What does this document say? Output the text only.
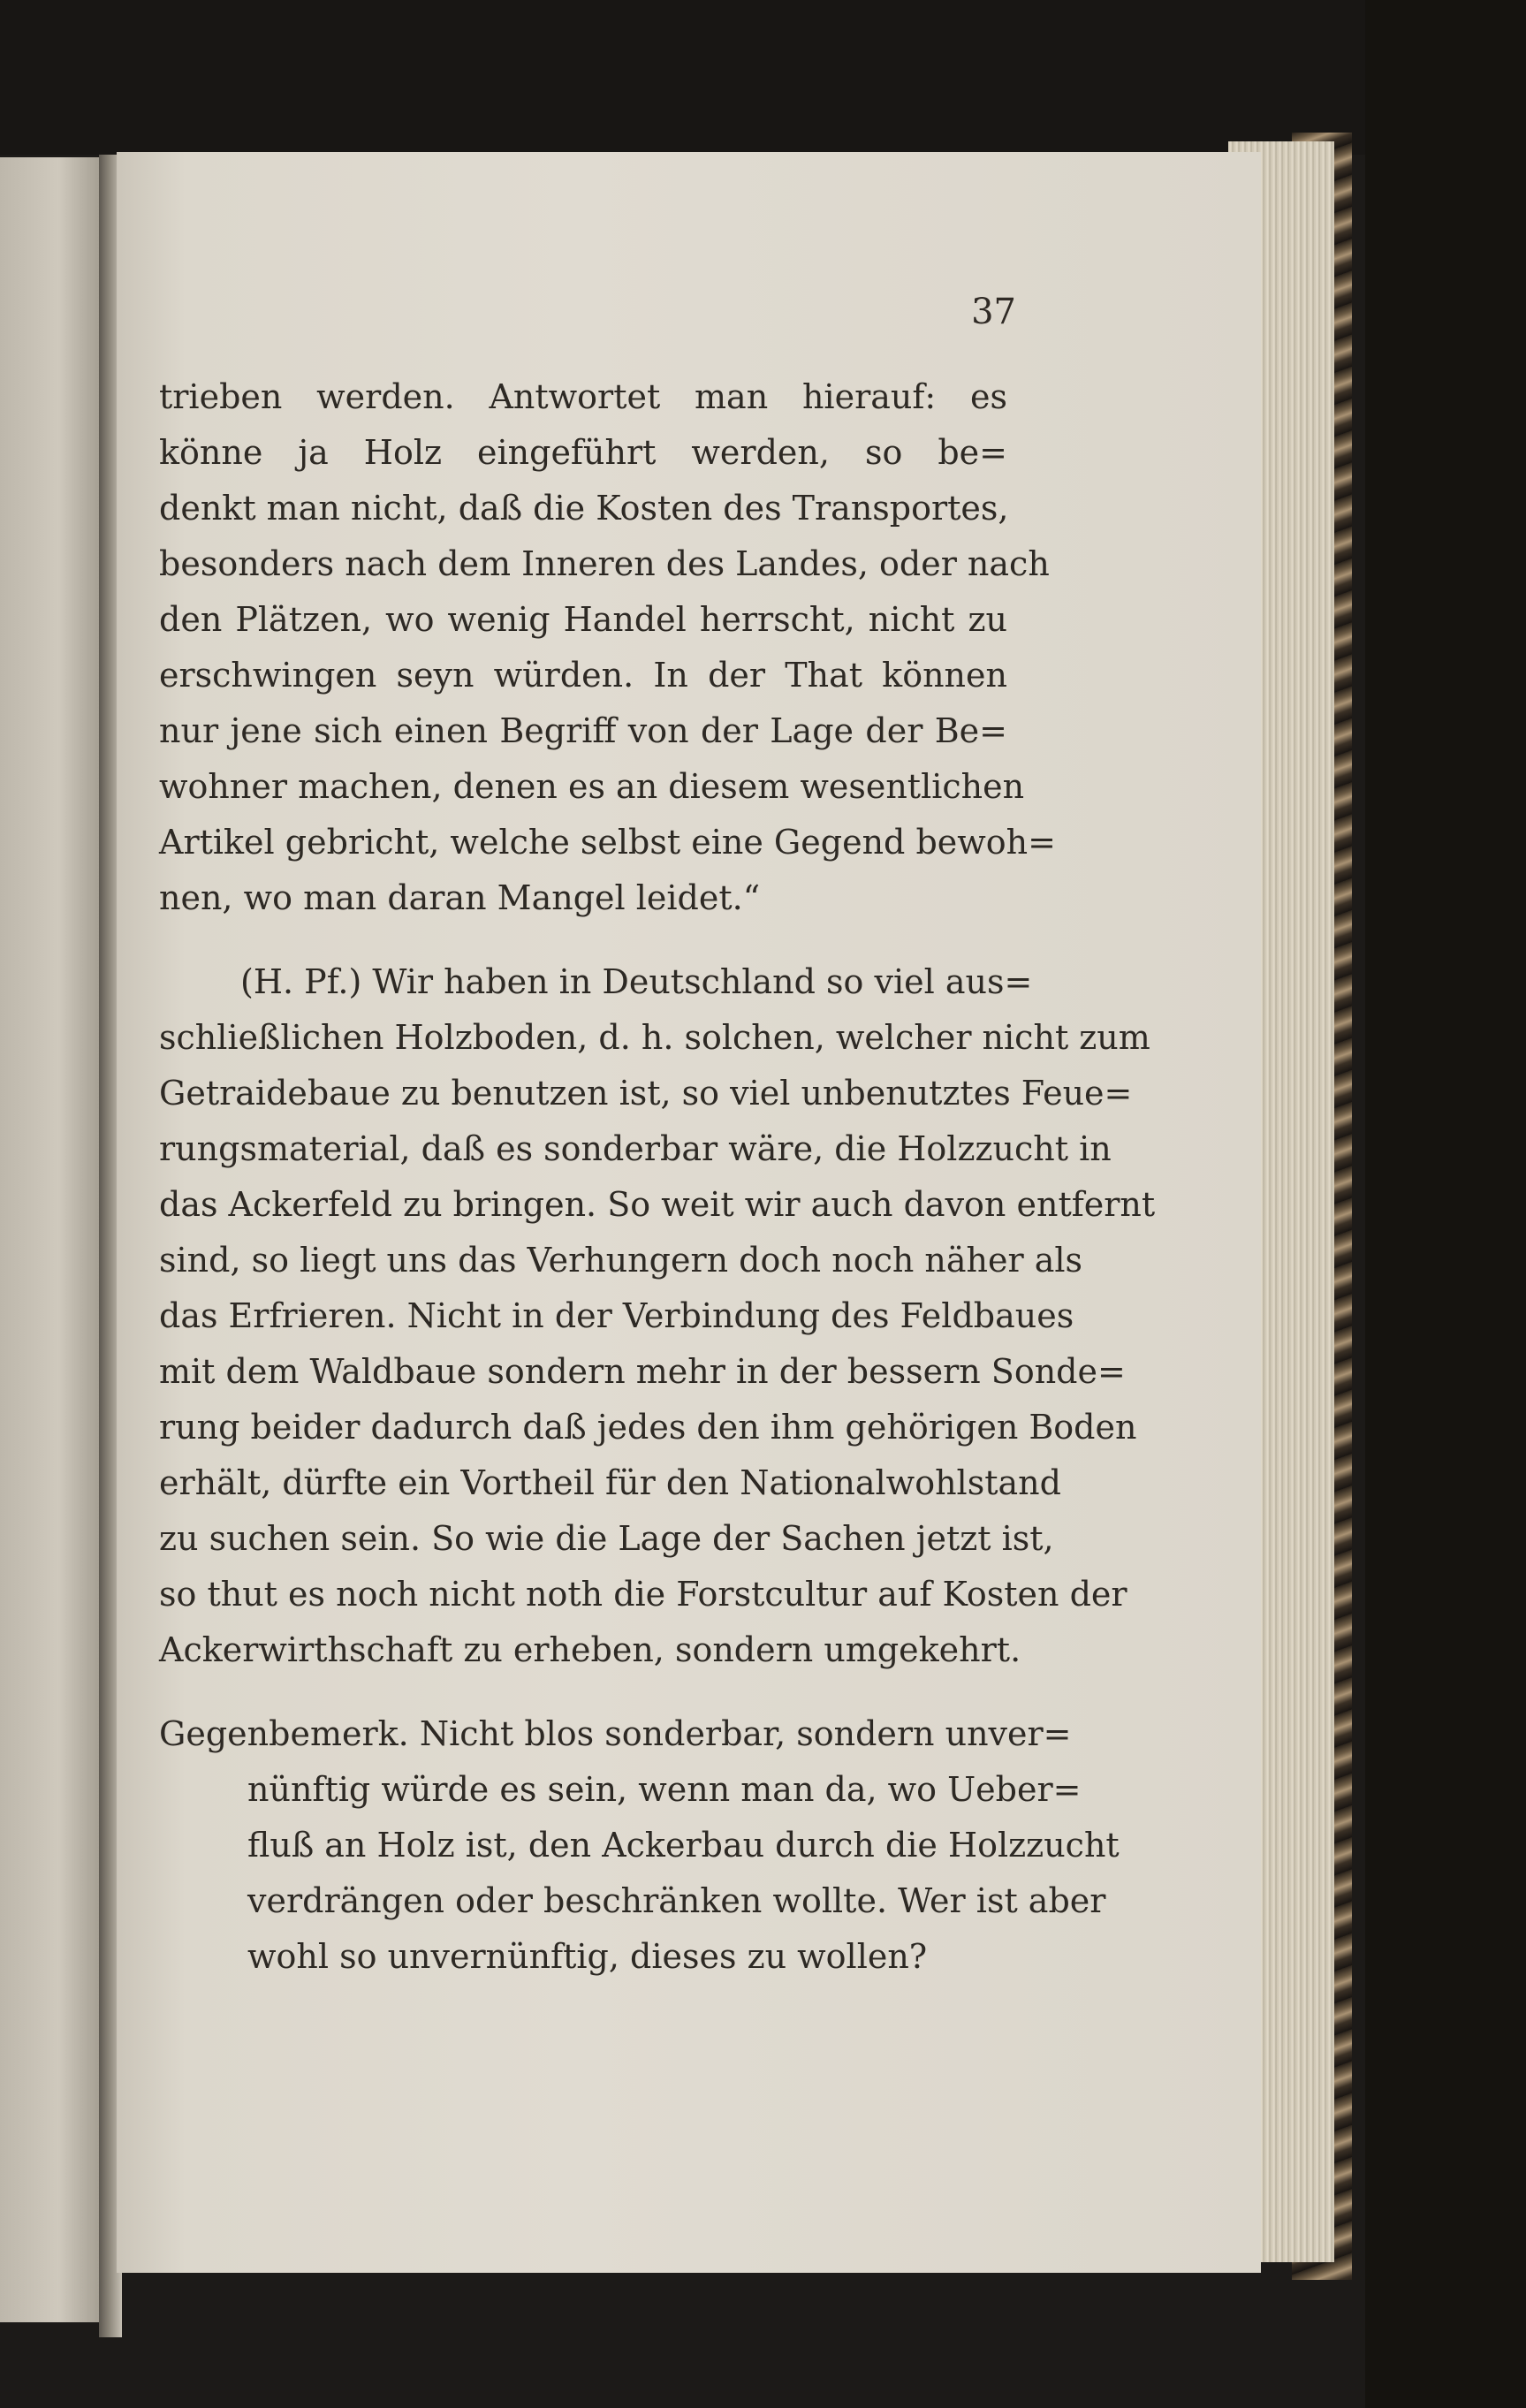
37
trieben werden. Antwortet man hierauf: es
könne ja Holz eingeführt werden, so be=
denkt man nicht, daß die Kosten des Transportes,
besonders nach dem Inneren des Landes, oder nach
den Plätzen, wo wenig Handel herrscht, nicht zu
erschwingen seyn würden. In der That können
nur jene sich einen Begriff von der Lage der Be=
wohner machen, denen es an diesem wesentlichen
Artikel gebricht, welche selbst eine Gegend bewoh=
nen, wo man daran Mangel leidet.“
(H. Pf.) Wir haben in Deutschland so viel aus=
schließlichen Holzboden, d. h. solchen, welcher nicht zum
Getraidebaue zu benutzen ist, so viel unbenutztes Feue=
rungsmaterial, daß es sonderbar wäre, die Holzzucht in
das Ackerfeld zu bringen. So weit wir auch davon entfernt
sind, so liegt uns das Verhungern doch noch näher als
das Erfrieren. Nicht in der Verbindung des Feldbaues
mit dem Waldbaue sondern mehr in der bessern Sonde=
rung beider dadurch daß jedes den ihm gehörigen Boden
erhält, dürfte ein Vortheil für den Nationalwohlstand
zu suchen sein. So wie die Lage der Sachen jetzt ist,
so thut es noch nicht noth die Forstcultur auf Kosten der
Ackerwirthschaft zu erheben, sondern umgekehrt.
Gegenbemerk. Nicht blos sonderbar, sondern unver=
nünftig würde es sein, wenn man da, wo Ueber=
fluß an Holz ist, den Ackerbau durch die Holzzucht
verdrängen oder beschränken wollte. Wer ist aber
wohl so unvernünftig, dieses zu wollen?
